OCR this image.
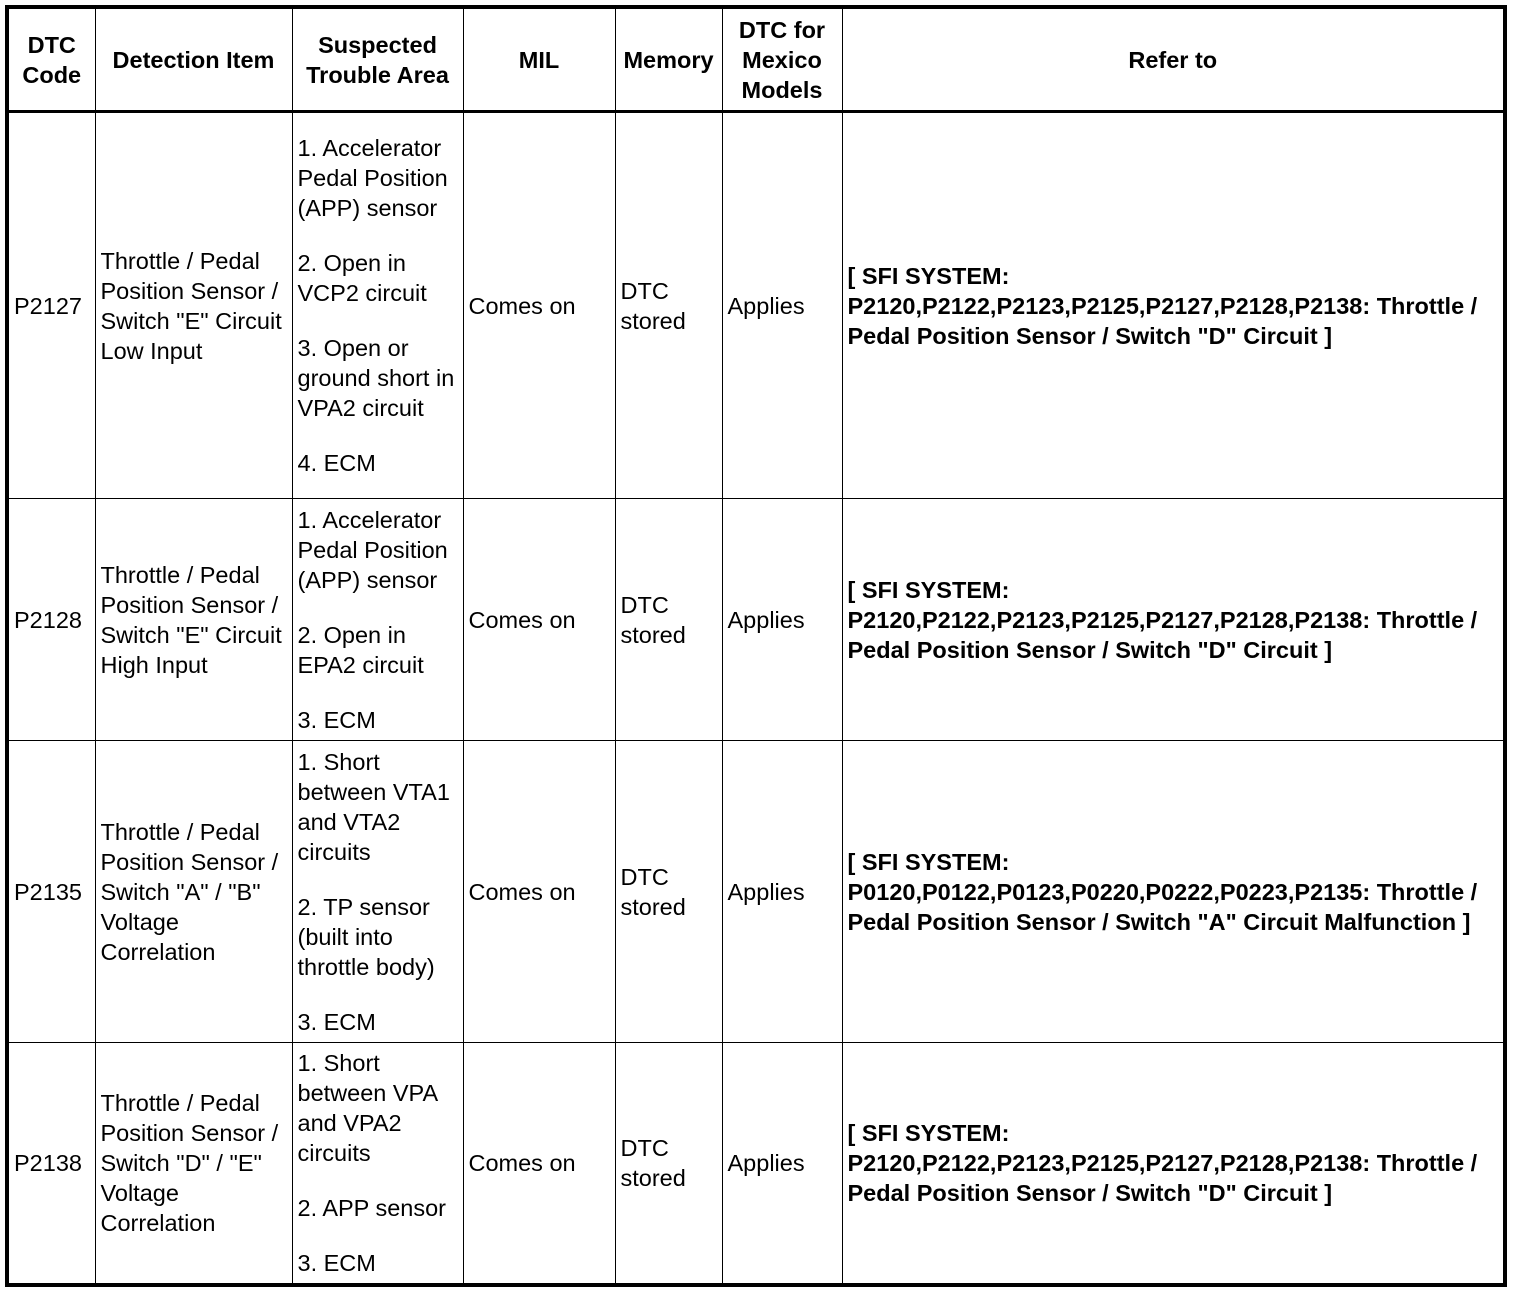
DTC Code	Detection Item	Suspected Trouble Area	MIL	Memory	DTC for Mexico Models	Refer to
P2127	Throttle / Pedal Position Sensor / Switch "E" Circuit Low Input	1. Accelerator Pedal Position (APP) sensor
2. Open in VCP2 circuit
3. Open or ground short in VPA2 circuit
4. ECM	Comes on	DTC stored	Applies	[ SFI SYSTEM: P2120,P2122,P2123,P2125,P2127,P2128,P2138: Throttle / Pedal Position Sensor / Switch "D" Circuit ]
P2128	Throttle / Pedal Position Sensor / Switch "E" Circuit High Input	1. Accelerator Pedal Position (APP) sensor
2. Open in EPA2 circuit
3. ECM	Comes on	DTC stored	Applies	[ SFI SYSTEM: P2120,P2122,P2123,P2125,P2127,P2128,P2138: Throttle / Pedal Position Sensor / Switch "D" Circuit ]
P2135	Throttle / Pedal Position Sensor / Switch "A" / "B" Voltage Correlation	1. Short between VTA1 and VTA2 circuits
2. TP sensor (built into throttle body)
3. ECM	Comes on	DTC stored	Applies	[ SFI SYSTEM: P0120,P0122,P0123,P0220,P0222,P0223,P2135: Throttle / Pedal Position Sensor / Switch "A" Circuit Malfunction ]
P2138	Throttle / Pedal Position Sensor / Switch "D" / "E" Voltage Correlation	1. Short between VPA and VPA2 circuits
2. APP sensor
3. ECM	Comes on	DTC stored	Applies	[ SFI SYSTEM: P2120,P2122,P2123,P2125,P2127,P2128,P2138: Throttle / Pedal Position Sensor / Switch "D" Circuit ]
